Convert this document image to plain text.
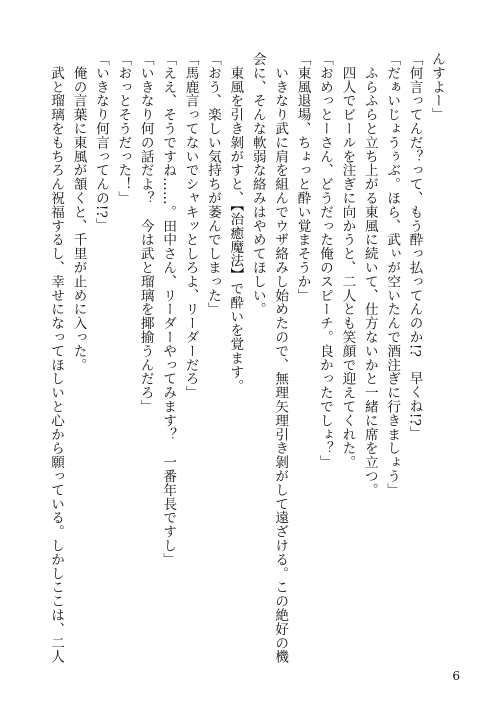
んすよー」
「何言ってんだ？って、もう酔っ払ってんのか!?　早くね!?」
「だぁいじょうぅぶ。ほら、武ぃが空いたんで酒注ぎに行きましょう」
　ふらふらと立ち上がる東風に続いて、仕方ないかと一緒に席を立つ。
　四人でビールを注ぎに向かうと、二人とも笑顔で迎えてくれた。
「おめっとーさん、どうだった俺のスピーチ。良かったでしょ？」
「東風退場、ちょっと酔い覚まそうか」
　いきなり武に肩を組んでウザ絡みし始めたので、無理矢理引き剝がして遠ざける。この絶好の機
会に、そんな軟弱な絡みはやめてほしい。
　東風を引き剝がすと、【治癒魔法】で酔いを覚ます。
「おう、楽しい気持ちが萎んでしまった」
「馬鹿言ってないでシャキッとしろよ、リーダーだろ」
「ええ、そうですね……。田中さん、リーダーやってみます？　一番年長ですし」
「いきなり何の話だよ？　今は武と瑠璃を揶揄うんだろ」
「おっとそうだった！」
「いきなり何言ってんの!?」
　俺の言葉に東風が頷くと、千里が止めに入った。
　武と瑠璃をもちろん祝福するし、幸せになってほしいと心から願っている。しかしここは、二人
6
